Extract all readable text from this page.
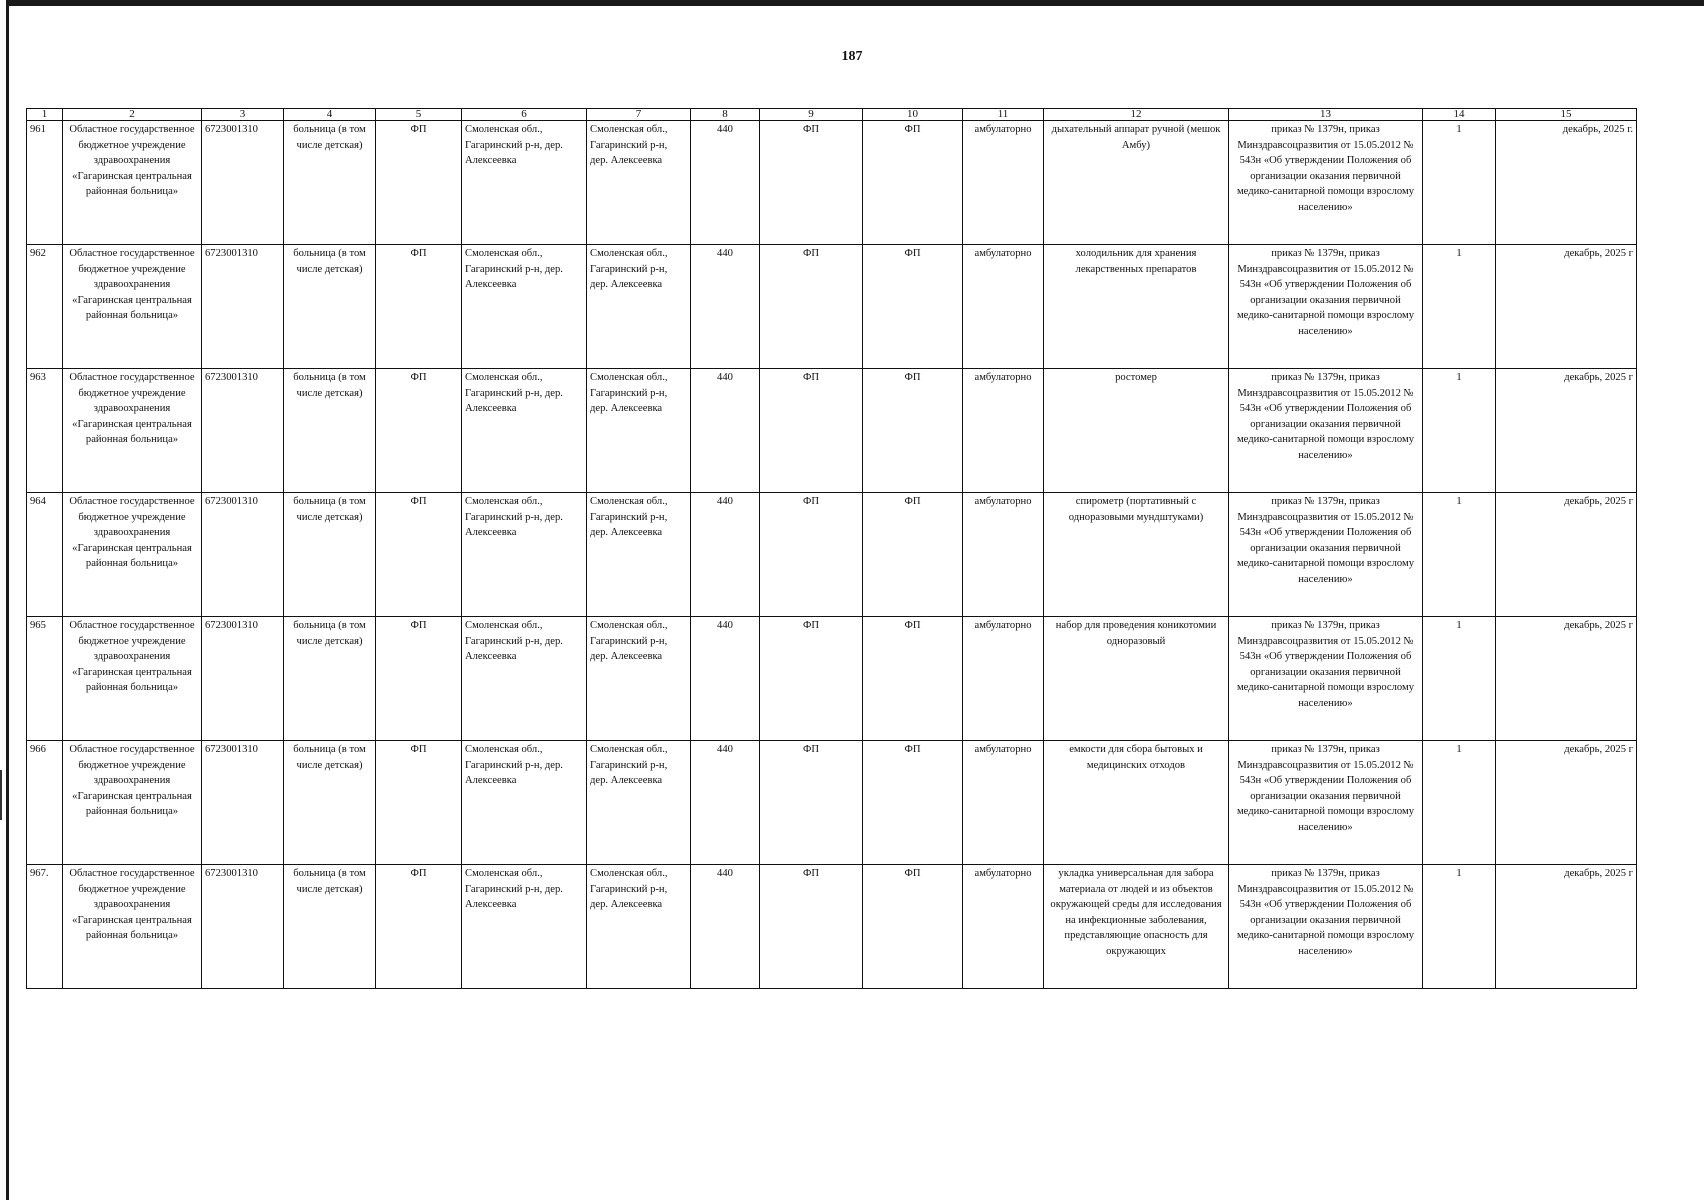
187
1	2	3	4	5	6	7	8	9	10	11	12	13	14	15
961	Областное государственное бюджетное учреждение здравоохранения «Гагаринская центральная районная больница»	6723001310	больница (в том числе детская)	ФП	Смоленская обл., Гагаринский р-н, дер. Алексеевка	Смоленская обл., Гагаринский р-н, дер. Алексеевка	440	ФП	ФП	амбулаторно	дыхательный аппарат ручной (мешок Амбу)	приказ № 1379н, приказ Минздравсоцразвития от 15.05.2012 № 543н «Об утверждении Положения об организации оказания первичной медико-санитарной помощи взрослому населению»	1	декабрь, 2025 г.
962	Областное государственное бюджетное учреждение здравоохранения «Гагаринская центральная районная больница»	6723001310	больница (в том числе детская)	ФП	Смоленская обл., Гагаринский р-н, дер. Алексеевка	Смоленская обл., Гагаринский р-н, дер. Алексеевка	440	ФП	ФП	амбулаторно	холодильник для хранения лекарственных препаратов	приказ № 1379н, приказ Минздравсоцразвития от 15.05.2012 № 543н «Об утверждении Положения об организации оказания первичной медико-санитарной помощи взрослому населению»	1	декабрь, 2025 г
963	Областное государственное бюджетное учреждение здравоохранения «Гагаринская центральная районная больница»	6723001310	больница (в том числе детская)	ФП	Смоленская обл., Гагаринский р-н, дер. Алексеевка	Смоленская обл., Гагаринский р-н, дер. Алексеевка	440	ФП	ФП	амбулаторно	ростомер	приказ № 1379н, приказ Минздравсоцразвития от 15.05.2012 № 543н «Об утверждении Положения об организации оказания первичной медико-санитарной помощи взрослому населению»	1	декабрь, 2025 г
964	Областное государственное бюджетное учреждение здравоохранения «Гагаринская центральная районная больница»	6723001310	больница (в том числе детская)	ФП	Смоленская обл., Гагаринский р-н, дер. Алексеевка	Смоленская обл., Гагаринский р-н, дер. Алексеевка	440	ФП	ФП	амбулаторно	спирометр (портативный с одноразовыми мундштуками)	приказ № 1379н, приказ Минздравсоцразвития от 15.05.2012 № 543н «Об утверждении Положения об организации оказания первичной медико-санитарной помощи взрослому населению»	1	декабрь, 2025 г
965	Областное государственное бюджетное учреждение здравоохранения «Гагаринская центральная районная больница»	6723001310	больница (в том числе детская)	ФП	Смоленская обл., Гагаринский р-н, дер. Алексеевка	Смоленская обл., Гагаринский р-н, дер. Алексеевка	440	ФП	ФП	амбулаторно	набор для проведения коникотомии одноразовый	приказ № 1379н, приказ Минздравсоцразвития от 15.05.2012 № 543н «Об утверждении Положения об организации оказания первичной медико-санитарной помощи взрослому населению»	1	декабрь, 2025 г
966	Областное государственное бюджетное учреждение здравоохранения «Гагаринская центральная районная больница»	6723001310	больница (в том числе детская)	ФП	Смоленская обл., Гагаринский р-н, дер. Алексеевка	Смоленская обл., Гагаринский р-н, дер. Алексеевка	440	ФП	ФП	амбулаторно	емкости для сбора бытовых и медицинских отходов	приказ № 1379н, приказ Минздравсоцразвития от 15.05.2012 № 543н «Об утверждении Положения об организации оказания первичной медико-санитарной помощи взрослому населению»	1	декабрь, 2025 г
967.	Областное государственное бюджетное учреждение здравоохранения «Гагаринская центральная районная больница»	6723001310	больница (в том числе детская)	ФП	Смоленская обл., Гагаринский р-н, дер. Алексеевка	Смоленская обл., Гагаринский р-н, дер. Алексеевка	440	ФП	ФП	амбулаторно	укладка универсальная для забора материала от людей и из объектов окружающей среды для исследования на инфекционные заболевания, представляющие опасность для окружающих	приказ № 1379н, приказ Минздравсоцразвития от 15.05.2012 № 543н «Об утверждении Положения об организации оказания первичной медико-санитарной помощи взрослому населению»	1	декабрь, 2025 г
